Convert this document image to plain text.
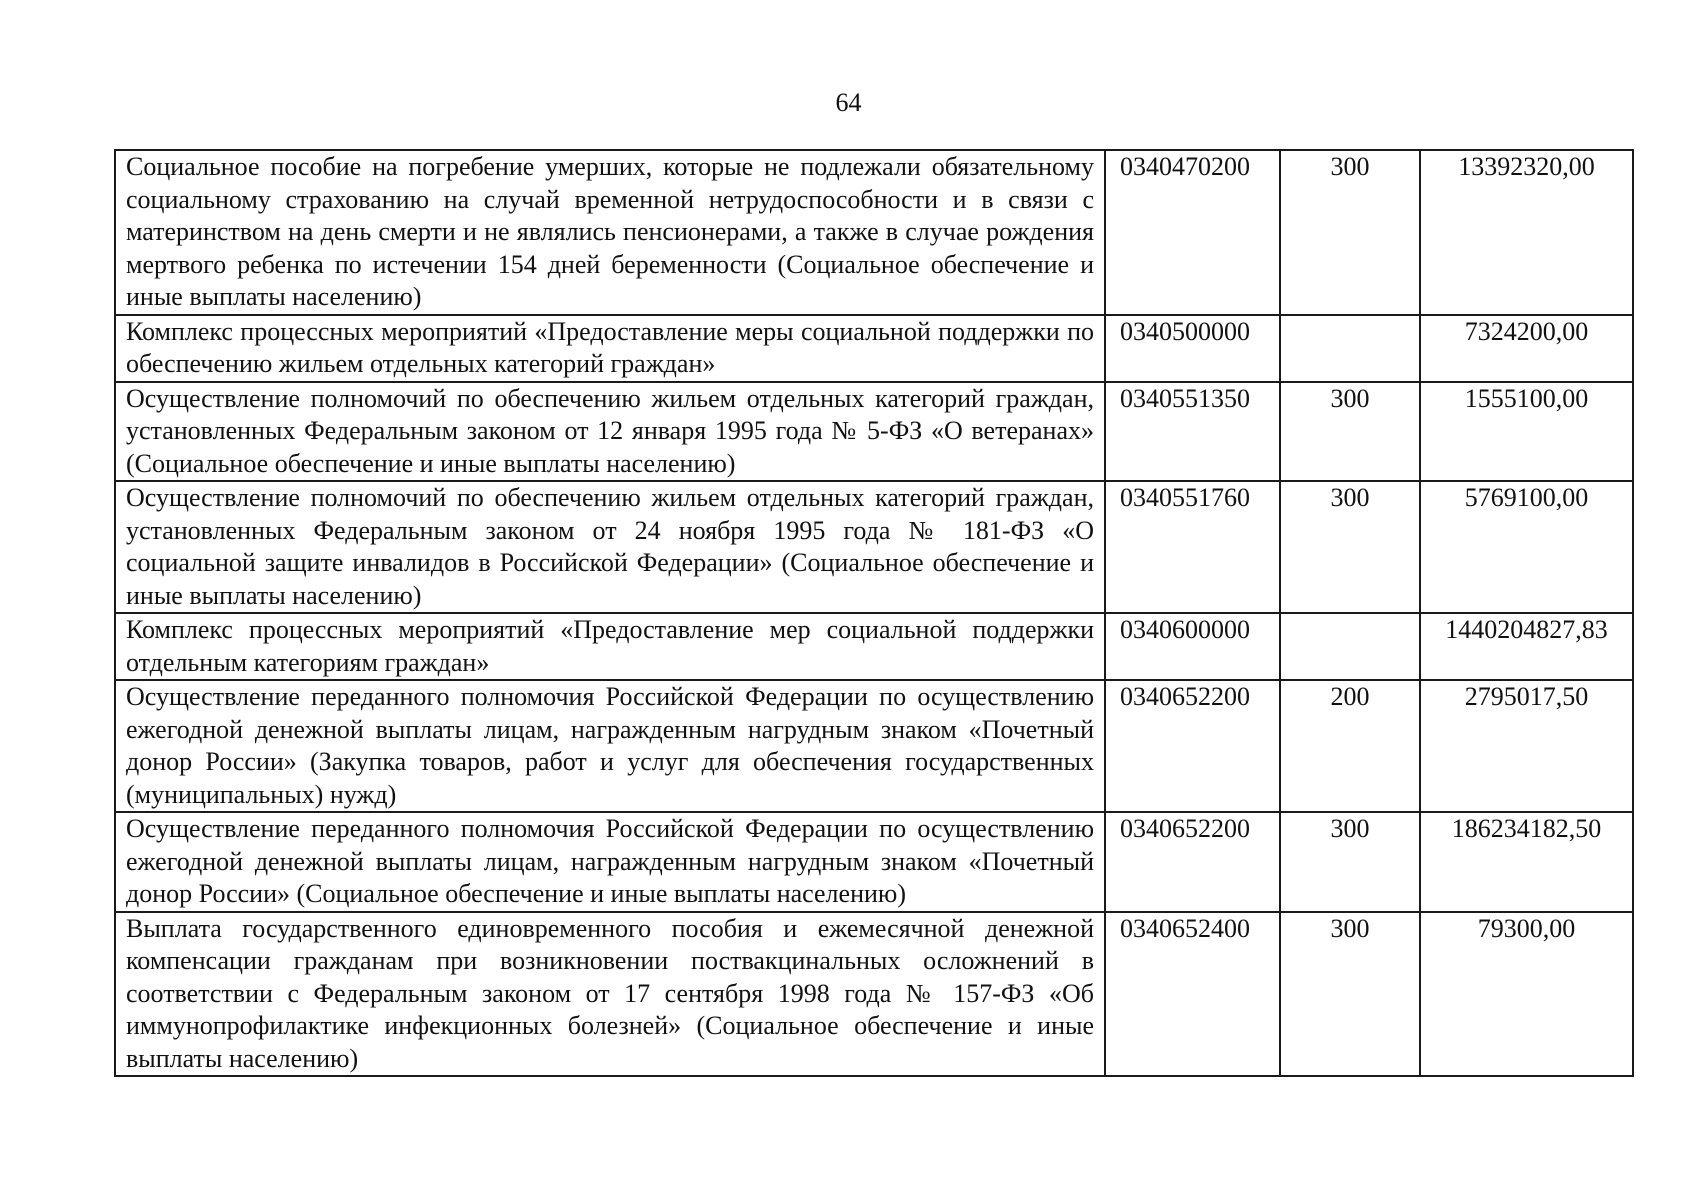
64
Социальное пособие на погребение умерших, которые не подлежали обязательному социальному страхованию на случай временной нетрудоспособности и в связи с материнством на день смерти и не являлись пенсионерами, а также в случае рождения мертвого ребенка по истечении 154 дней беременности (Социальное обеспечение и иные выплаты населению)	0340470200	300	13392320,00
Комплекс процессных мероприятий «Предоставление меры социальной поддержки по обеспечению жильем отдельных категорий граждан»	0340500000		7324200,00
Осуществление полномочий по обеспечению жильем отдельных категорий граждан, установленных Федеральным законом от 12 января 1995 года № 5-ФЗ «О ветеранах» (Социальное обеспечение и иные выплаты населению)	0340551350	300	1555100,00
Осуществление полномочий по обеспечению жильем отдельных категорий граждан, установленных Федеральным законом от 24 ноября 1995 года № 181-ФЗ «О социальной защите инвалидов в Российской Федерации» (Социальное обеспечение и иные выплаты населению)	0340551760	300	5769100,00
Комплекс процессных мероприятий «Предоставление мер социальной поддержки отдельным категориям граждан»	0340600000		1440204827,83
Осуществление переданного полномочия Российской Федерации по осуществлению ежегодной денежной выплаты лицам, награжденным нагрудным знаком «Почетный донор России» (Закупка товаров, работ и услуг для обеспечения государственных (муниципальных) нужд)	0340652200	200	2795017,50
Осуществление переданного полномочия Российской Федерации по осуществлению ежегодной денежной выплаты лицам, награжденным нагрудным знаком «Почетный донор России» (Социальное обеспечение и иные выплаты населению)	0340652200	300	186234182,50
Выплата государственного единовременного пособия и ежемесячной денежной компенсации гражданам при возникновении поствакцинальных осложнений в соответствии с Федеральным законом от 17 сентября 1998 года № 157-ФЗ «Об иммунопрофилактике инфекционных болезней» (Социальное обеспечение и иные выплаты населению)	0340652400	300	79300,00
